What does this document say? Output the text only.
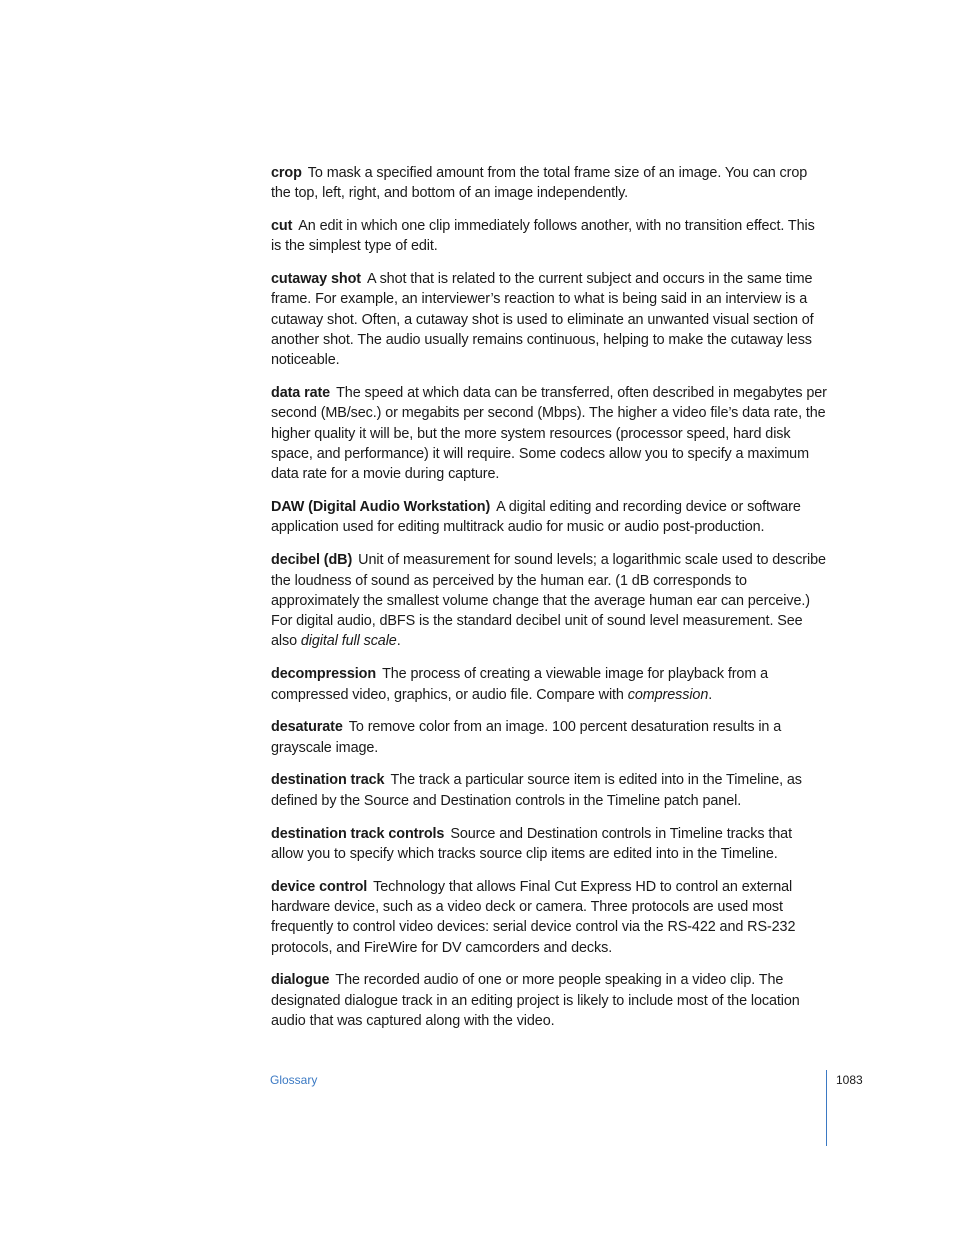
crop To mask a specified amount from the total frame size of an image. You can crop the top, left, right, and bottom of an image independently.

cut An edit in which one clip immediately follows another, with no transition effect. This is the simplest type of edit.

cutaway shot A shot that is related to the current subject and occurs in the same time frame. For example, an interviewer’s reaction to what is being said in an interview is a cutaway shot. Often, a cutaway shot is used to eliminate an unwanted visual section of another shot. The audio usually remains continuous, helping to make the cutaway less noticeable.

data rate The speed at which data can be transferred, often described in megabytes per second (MB/sec.) or megabits per second (Mbps). The higher a video file’s data rate, the higher quality it will be, but the more system resources (processor speed, hard disk space, and performance) it will require. Some codecs allow you to specify a maximum data rate for a movie during capture.

DAW (Digital Audio Workstation) A digital editing and recording device or software application used for editing multitrack audio for music or audio post-production.

decibel (dB) Unit of measurement for sound levels; a logarithmic scale used to describe the loudness of sound as perceived by the human ear. (1 dB corresponds to approximately the smallest volume change that the average human ear can perceive.) For digital audio, dBFS is the standard decibel unit of sound level measurement. See also digital full scale.

decompression The process of creating a viewable image for playback from a compressed video, graphics, or audio file. Compare with compression.

desaturate To remove color from an image. 100 percent desaturation results in a grayscale image.

destination track The track a particular source item is edited into in the Timeline, as defined by the Source and Destination controls in the Timeline patch panel.

destination track controls Source and Destination controls in Timeline tracks that allow you to specify which tracks source clip items are edited into in the Timeline.

device control Technology that allows Final Cut Express HD to control an external hardware device, such as a video deck or camera. Three protocols are used most frequently to control video devices: serial device control via the RS-422 and RS-232 protocols, and FireWire for DV camcorders and decks.

dialogue The recorded audio of one or more people speaking in a video clip. The designated dialogue track in an editing project is likely to include most of the location audio that was captured along with the video.

Glossary	1083
